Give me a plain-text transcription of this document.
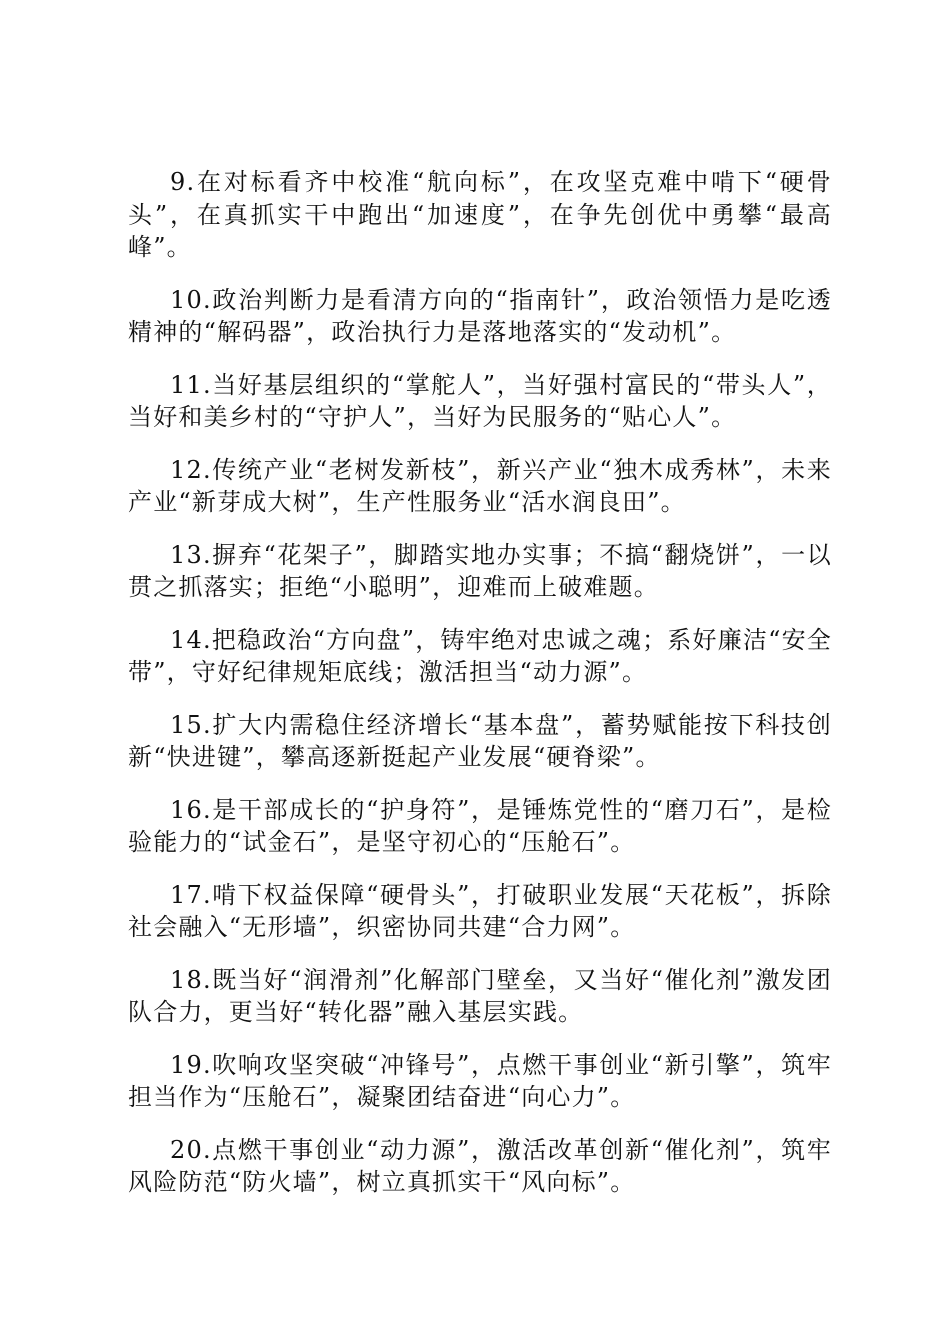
9.在对标看齐中校准“航向标”，在攻坚克难中啃下“硬骨头”，在真抓实干中跑出“加速度”，在争先创优中勇攀“最高峰”。

10.政治判断力是看清方向的“指南针”，政治领悟力是吃透精神的“解码器”，政治执行力是落地落实的“发动机”。

11.当好基层组织的“掌舵人”，当好强村富民的“带头人”，当好和美乡村的“守护人”，当好为民服务的“贴心人”。

12.传统产业“老树发新枝”，新兴产业“独木成秀林”，未来产业“新芽成大树”，生产性服务业“活水润良田”。

13.摒弃“花架子”，脚踏实地办实事；不搞“翻烧饼”，一以贯之抓落实；拒绝“小聪明”，迎难而上破难题。

14.把稳政治“方向盘”，铸牢绝对忠诚之魂；系好廉洁“安全带”，守好纪律规矩底线；激活担当“动力源”。

15.扩大内需稳住经济增长“基本盘”，蓄势赋能按下科技创新“快进键”，攀高逐新挺起产业发展“硬脊梁”。

16.是干部成长的“护身符”，是锤炼党性的“磨刀石”，是检验能力的“试金石”，是坚守初心的“压舱石”。

17.啃下权益保障“硬骨头”，打破职业发展“天花板”，拆除社会融入“无形墙”，织密协同共建“合力网”。

18.既当好“润滑剂”化解部门壁垒，又当好“催化剂”激发团队合力，更当好“转化器”融入基层实践。

19.吹响攻坚突破“冲锋号”，点燃干事创业“新引擎”，筑牢担当作为“压舱石”，凝聚团结奋进“向心力”。

20.点燃干事创业“动力源”，激活改革创新“催化剂”，筑牢风险防范“防火墙”，树立真抓实干“风向标”。
